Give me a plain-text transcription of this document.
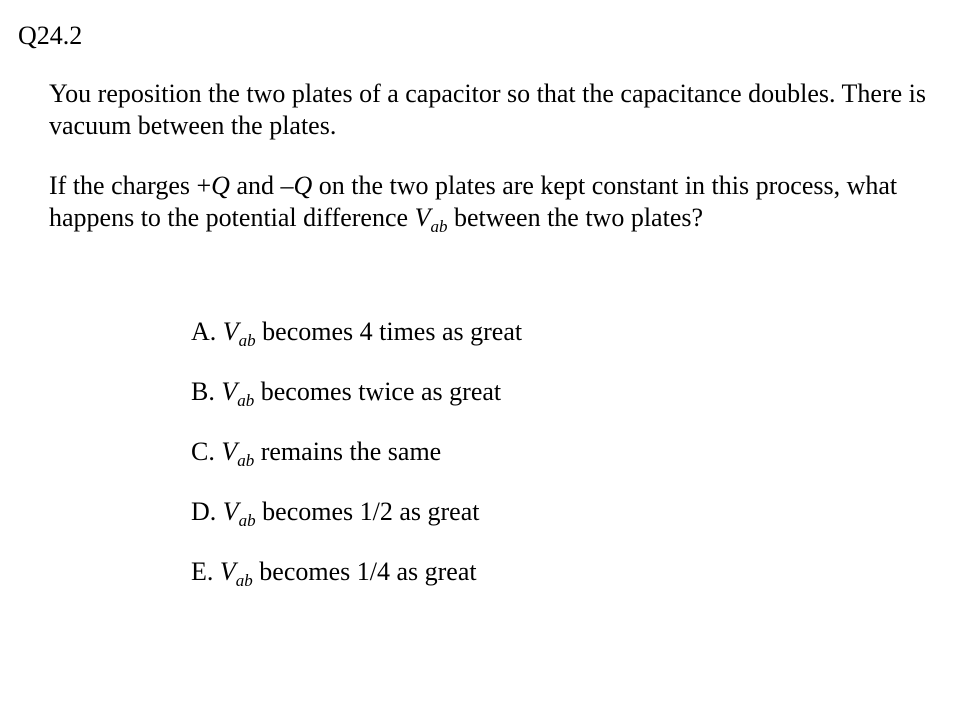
Q24.2

You reposition the two plates of a capacitor so that the capacitance doubles. There is vacuum between the plates.

If the charges +Q and –Q on the two plates are kept constant in this process, what happens to the potential difference $V_{ab}$ between the two plates?

A. $V_{ab}$ becomes 4 times as great
B. $V_{ab}$ becomes twice as great
C. $V_{ab}$ remains the same
D. $V_{ab}$ becomes 1/2 as great
E. $V_{ab}$ becomes 1/4 as great
